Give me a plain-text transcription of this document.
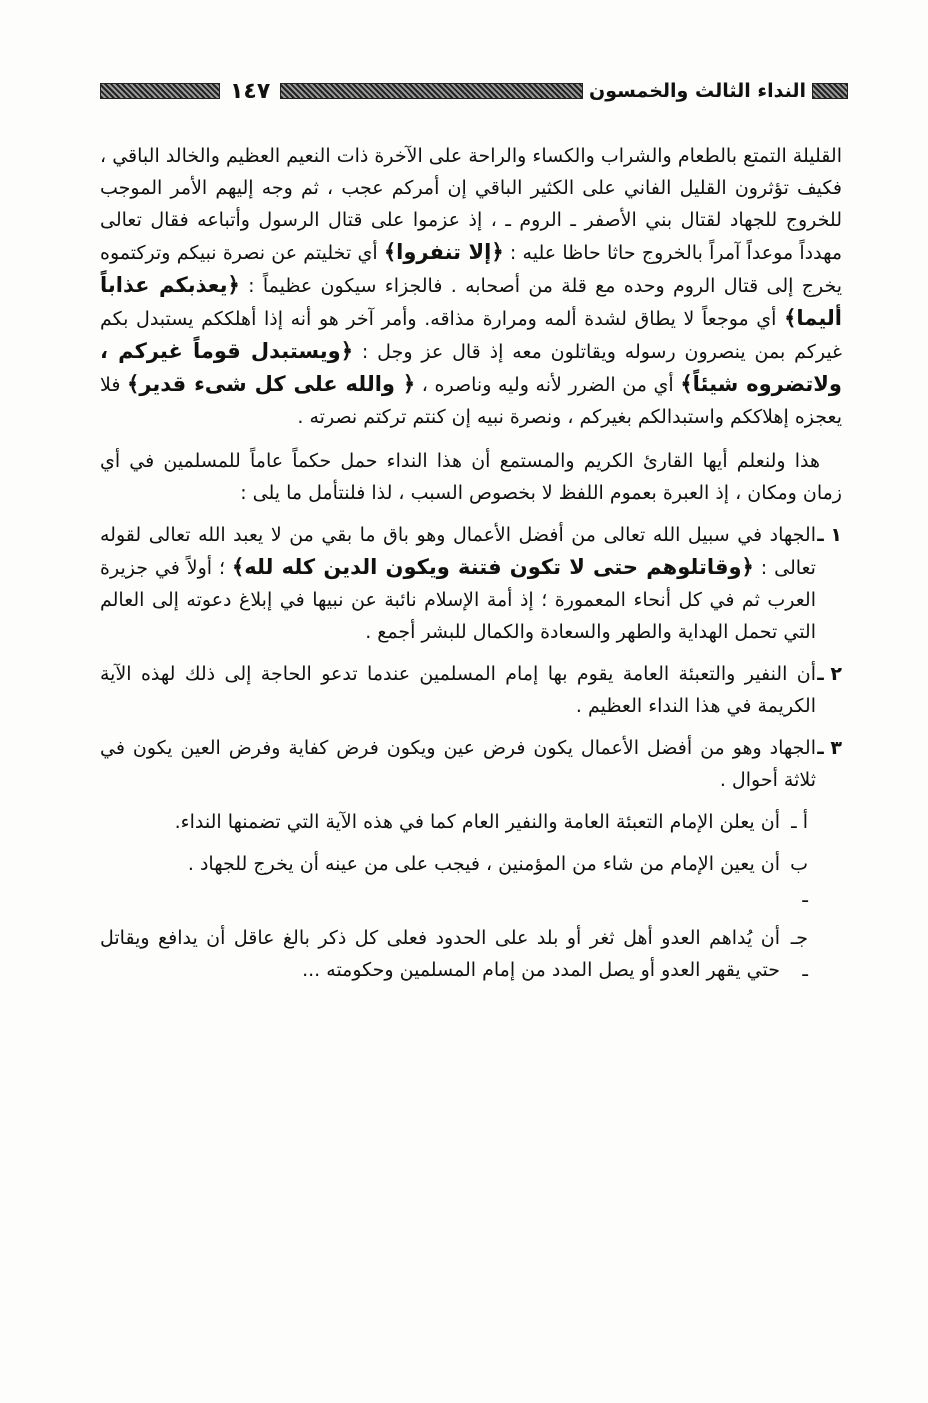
النداء الثالث والخمسون
١٤٧

القليلة التمتع بالطعام والشراب والكساء والراحة على الآخرة ذات النعيم العظيم والخالد الباقي ، فكيف تؤثرون القليل الفاني على الكثير الباقي إن أمركم عجب ، ثم وجه إليهم الأمر الموجب للخروج للجهاد لقتال بني الأصفر ـ الروم ـ ، إذ عزموا على قتال الرسول وأتباعه فقال تعالى مهدداً موعداً آمراً بالخروج حاثا حاظا عليه : ﴿إلا تنفروا﴾ أي تخليتم عن نصرة نبيكم وتركتموه يخرج إلى قتال الروم وحده مع قلة من أصحابه . فالجزاء سيكون عظيماً : ﴿يعذبكم عذاباً أليما﴾ أي موجعاً لا يطاق لشدة ألمه ومرارة مذاقه. وأمر آخر هو أنه إذا أهلككم يستبدل بكم غيركم بمن ينصرون رسوله ويقاتلون معه إذ قال عز وجل : ﴿ويستبدل قوماً غيركم ، ولاتضروه شيئاً﴾ أي من الضرر لأنه وليه وناصره ، ﴿ والله على كل شىء قدير﴾ فلا يعجزه إهلاككم واستبدالكم بغيركم ، ونصرة نبيه إن كنتم تركتم نصرته .

هذا ولنعلم أيها القارئ الكريم والمستمع أن هذا النداء حمل حكماً عاماً للمسلمين في أي زمان ومكان ، إذ العبرة بعموم اللفظ لا بخصوص السبب ، لذا فلنتأمل ما يلى :

١ ـ
الجهاد في سبيل الله تعالى من أفضل الأعمال وهو باق ما بقي من لا يعبد الله تعالى لقوله تعالى : ﴿وقاتلوهم حتى لا تكون فتنة ويكون الدين كله لله﴾ ؛ أولاً في جزيرة العرب ثم في كل أنحاء المعمورة ؛ إذ أمة الإسلام نائبة عن نبيها في إبلاغ دعوته إلى العالم التي تحمل الهداية والطهر والسعادة والكمال للبشر أجمع .
٢ ـ
أن النفير والتعبئة العامة يقوم بها إمام المسلمين عندما تدعو الحاجة إلى ذلك لهذه الآية الكريمة في هذا النداء العظيم .
٣ ـ
الجهاد وهو من أفضل الأعمال يكون فرض عين ويكون فرض كفاية وفرض العين يكون في ثلاثة أحوال .
أ ـ
أن يعلن الإمام التعبئة العامة والنفير العام كما في هذه الآية التي تضمنها النداء.
ب ـ
أن يعين الإمام من شاء من المؤمنين ، فيجب على من عينه أن يخرج للجهاد .
جـ ـ
أن يُداهم العدو أهل ثغر أو بلد على الحدود فعلى كل ذكر بالغ عاقل أن يدافع ويقاتل حتي يقهر العدو أو يصل المدد من إمام المسلمين وحكومته ...
